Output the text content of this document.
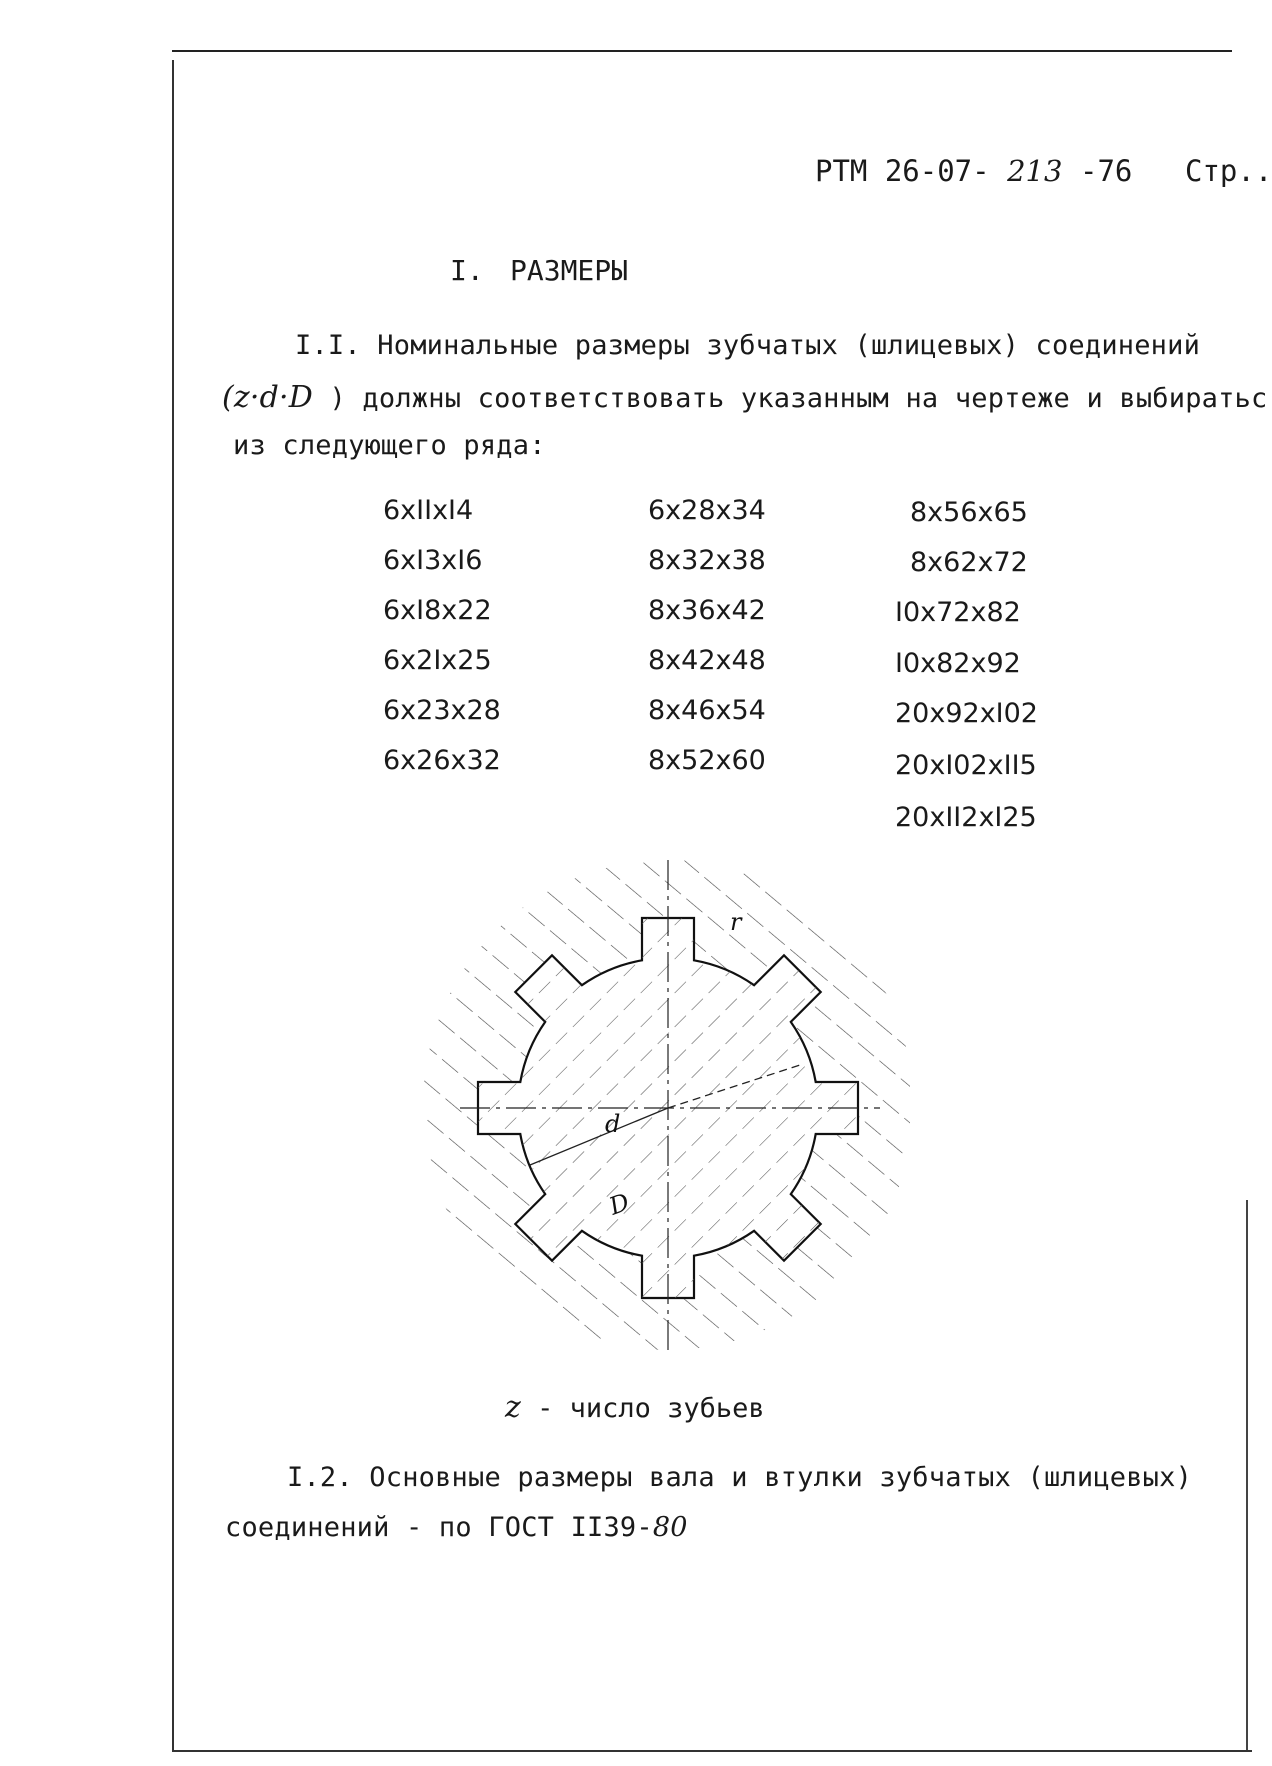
РТМ 26-07- 213 -76 Стр..
I. РАЗМЕРЫ
I.I. Номинальные размеры зубчатых (шлицевых) соединений
(z·d·D ) должны соответствовать указанным на чертеже и выбиратьс
из следующего ряда:
6xIIxI4
6xI3xI6
6xI8x22
6x2Ix25
6x23x28
6x26x32
6x28x34
8x32x38
8x36x42
8x42x48
8x46x54
8x52x60
8x56x65
8x62x72
I0x72x82
I0x82x92
20x92xI02
20xI02xII5
20xII2xI25
d
D
r
z - число зубьев
I.2. Основные размеры вала и втулки зубчатых (шлицевых)
соединений - по ГОСТ II39-80
